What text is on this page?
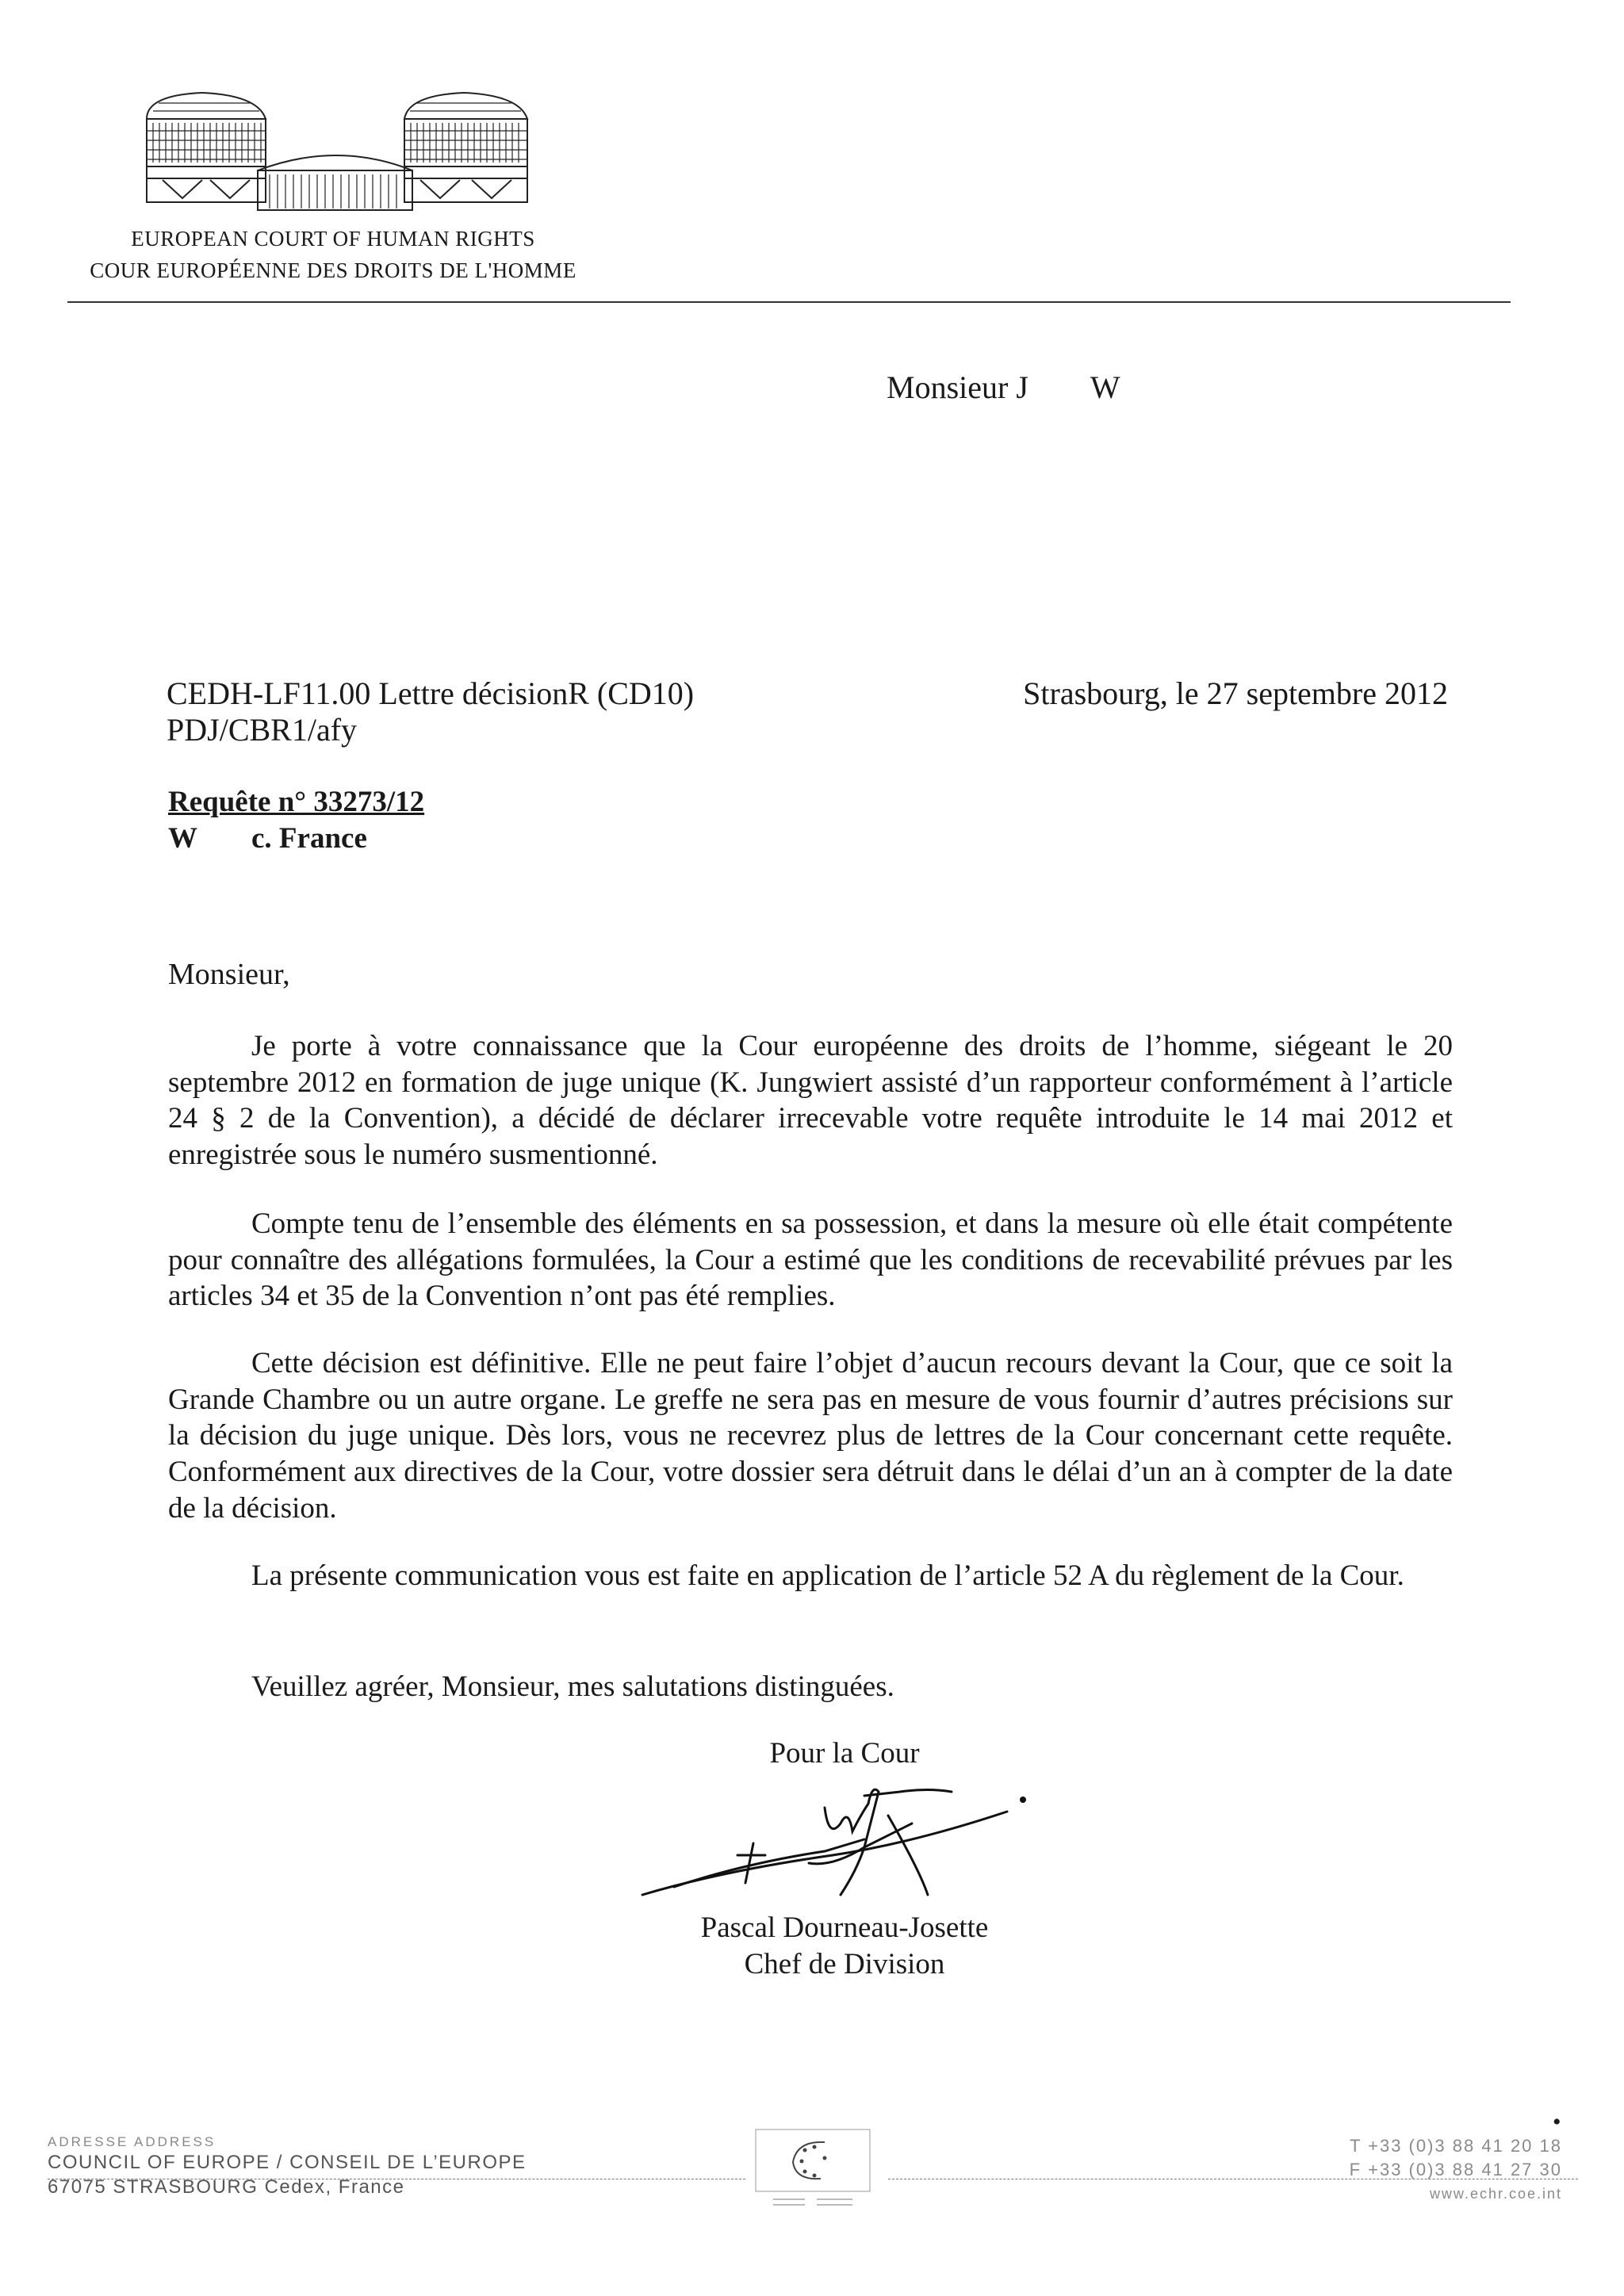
EUROPEAN COURT OF HUMAN RIGHTS
COUR EUROPÉENNE DES DROITS DE L'HOMME
Monsieur J W
CEDH-LF11.00 Lettre décisionR (CD10)
PDJ/CBR1/afy
Strasbourg, le 27 septembre 2012
Requête n° 33273/12
W c. France
Monsieur,

Je porte à votre connaissance que la Cour européenne des droits de l’homme, siégeant le 20 septembre 2012 en formation de juge unique (K. Jungwiert assisté d’un rapporteur conformément à l’article 24 § 2 de la Convention), a décidé de déclarer irrecevable votre requête introduite le 14 mai 2012 et enregistrée sous le numéro susmentionné.

Compte tenu de l’ensemble des éléments en sa possession, et dans la mesure où elle était compétente pour connaître des allégations formulées, la Cour a estimé que les conditions de recevabilité prévues par les articles 34 et 35 de la Convention n’ont pas été remplies.

Cette décision est définitive. Elle ne peut faire l’objet d’aucun recours devant la Cour, que ce soit la Grande Chambre ou un autre organe. Le greffe ne sera pas en mesure de vous fournir d’autres précisions sur la décision du juge unique. Dès lors, vous ne recevrez plus de lettres de la Cour concernant cette requête. Conformément aux directives de la Cour, votre dossier sera détruit dans le délai d’un an à compter de la date de la décision.

La présente communication vous est faite en application de l’article 52 A du règlement de la Cour.

Veuillez agréer, Monsieur, mes salutations distinguées.
Pour la Cour
Pascal Dourneau-Josette
Chef de Division
•
ADRESSE ADDRESS
COUNCIL OF EUROPE / CONSEIL DE L’EUROPE
67075 STRASBOURG Cedex, France
T +33 (0)3 88 41 20 18
F +33 (0)3 88 41 27 30
www.echr.coe.int
